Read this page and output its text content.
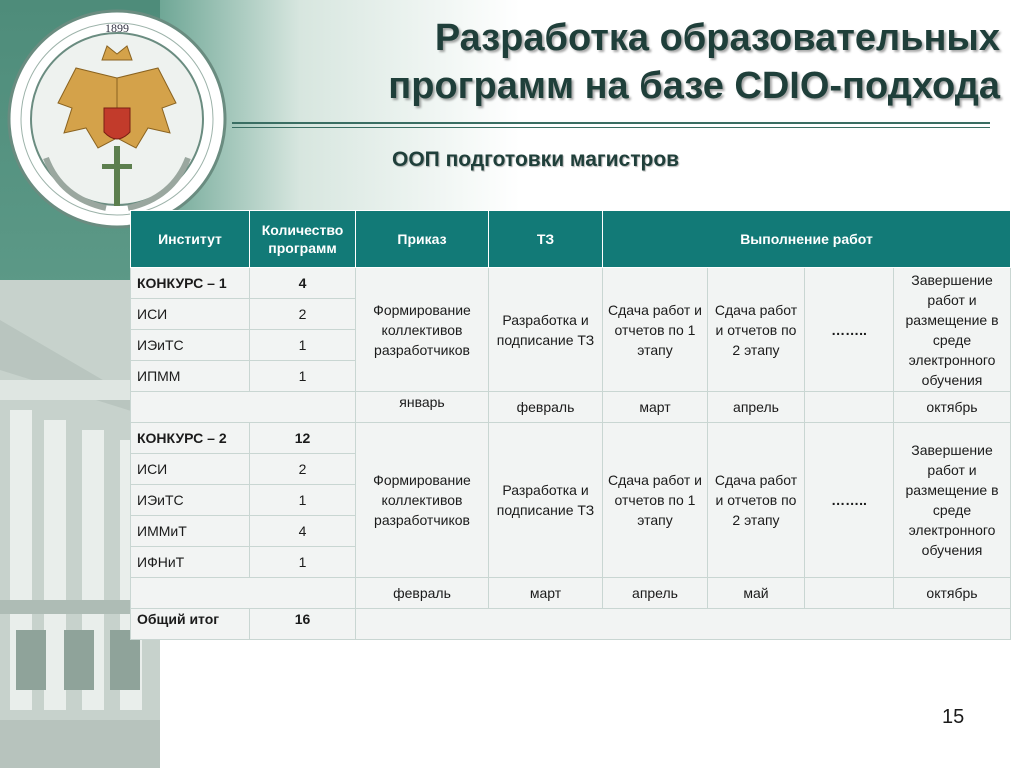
1899	Разработка образовательных
программ на базе CDIO-подхода
ООП подготовки магистров
Институт	Количество программ	Приказ	ТЗ	Выполнение работ			
КОНКУРС – 1	4	Формирование коллективов разработчиков	Разработка и подписание ТЗ	Сдача работ и отчетов по 1 этапу	Сдача работ и отчетов по 2 этапу	……..	Завершение работ и размещение в среде электронного обучения
ИСИ	2						
ИЭиТС	1						
ИПММ	1						
		январь	февраль	март	апрель		октябрь
КОНКУРС – 2	12	Формирование коллективов разработчиков	Разработка и подписание ТЗ	Сдача работ и отчетов по 1 этапу	Сдача работ и отчетов по 2 этапу	……..	Завершение работ и размещение в среде электронного обучения
ИСИ	2						
ИЭиТС	1						
ИММиТ	4						
ИФНиТ	1						
		февраль	март	апрель	май		октябрь
Общий итог	16						
15
